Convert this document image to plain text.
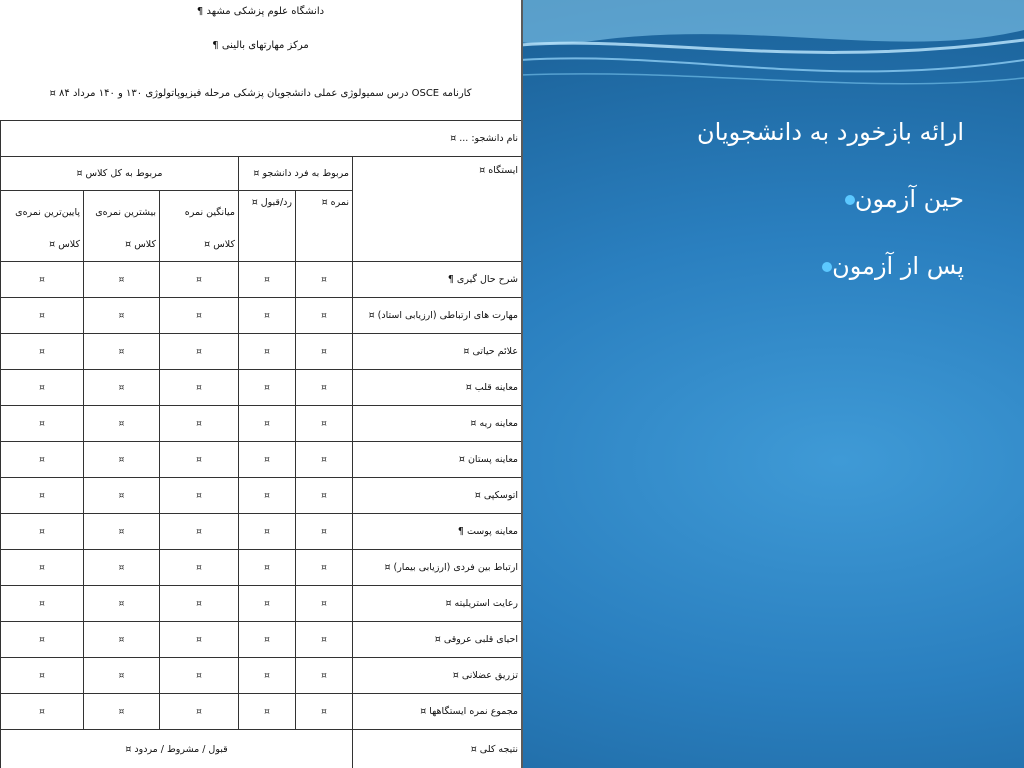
ارائه بازخورد به دانشجویان
حین آزمون
پس از آزمون
دانشگاه علوم پزشکی مشهد ¶
مرکز مهارتهای بالینی ¶
کارنامه OSCE درس سمیولوژی عملی دانشجویان پزشکی مرحله فیزیوپاتولوژی ۱۳۰ و ۱۴۰ مرداد ۸۴ ¤
نام دانشجو: ... ¤					
مربوط به کل کلاس ¤			مربوط به فرد دانشجو ¤		ایستگاه ¤
پایین‌ترین نمره‌ی کلاس ¤	بیشترین نمره‌ی کلاس ¤	میانگین نمره کلاس ¤	رد/قبول ¤	نمره ¤	
¤	¤	¤	¤	¤	شرح حال گیری ¶
¤	¤	¤	¤	¤	مهارت های ارتباطی (ارزیابی استاد) ¤
¤	¤	¤	¤	¤	علائم حیاتی ¤
¤	¤	¤	¤	¤	معاینه قلب ¤
¤	¤	¤	¤	¤	معاینه ریه ¤
¤	¤	¤	¤	¤	معاینه پستان ¤
¤	¤	¤	¤	¤	اتوسکپی ¤
¤	¤	¤	¤	¤	معاینه پوست ¶
¤	¤	¤	¤	¤	ارتباط بین فردی (ارزیابی بیمار) ¤
¤	¤	¤	¤	¤	رعایت استریلیته ¤
¤	¤	¤	¤	¤	احیای قلبی عروقی ¤
¤	¤	¤	¤	¤	تزریق عضلانی ¤
¤	¤	¤	¤	¤	مجموع نمره ایستگاهها ¤
قبول / مشروط / مردود ¤					نتیجه کلی ¤
